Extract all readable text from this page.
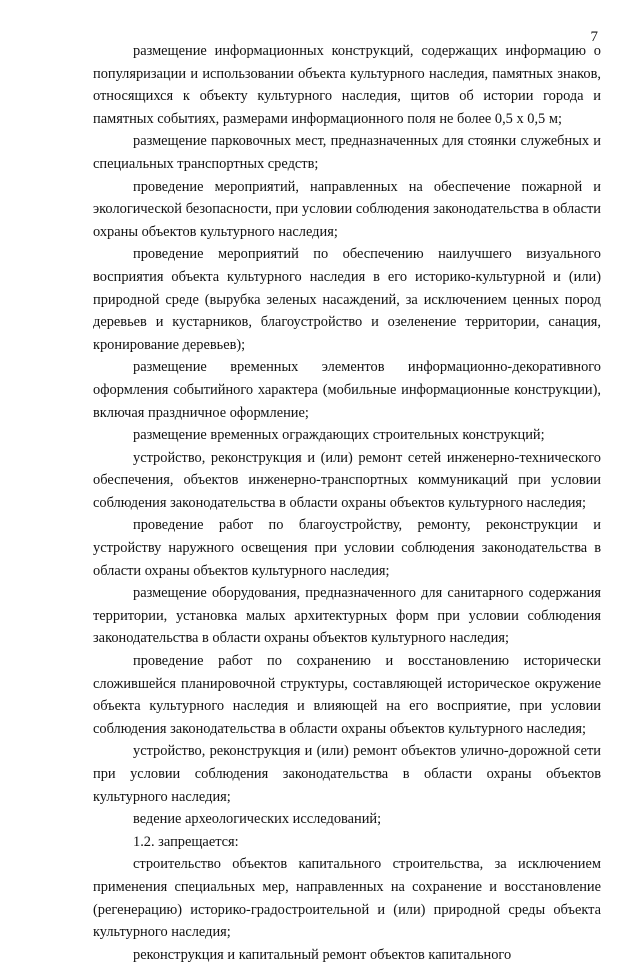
7

размещение информационных конструкций, содержащих информацию о популяризации и использовании объекта культурного наследия, памятных знаков, относящихся к объекту культурного наследия, щитов об истории города и памятных событиях, размерами информационного поля не более 0,5 х 0,5 м;

размещение парковочных мест, предназначенных для стоянки служебных и специальных транспортных средств;

проведение мероприятий, направленных на обеспечение пожарной и экологической безопасности, при условии соблюдения законодательства в области охраны объектов культурного наследия;

проведение мероприятий по обеспечению наилучшего визуального восприятия объекта культурного наследия в его историко-культурной и (или) природной среде (вырубка зеленых насаждений, за исключением ценных пород деревьев и кустарников, благоустройство и озеленение территории, санация, кронирование деревьев);

размещение временных элементов информационно-декоративного оформления событийного характера (мобильные информационные конструкции), включая праздничное оформление;

размещение временных ограждающих строительных конструкций;

устройство, реконструкция и (или) ремонт сетей инженерно-технического обеспечения, объектов инженерно-транспортных коммуникаций при условии соблюдения законодательства в области охраны объектов культурного наследия;

проведение работ по благоустройству, ремонту, реконструкции и устройству наружного освещения при условии соблюдения законодательства в области охраны объектов культурного наследия;

размещение оборудования, предназначенного для санитарного содержания территории, установка малых архитектурных форм при условии соблюдения законодательства в области охраны объектов культурного наследия;

проведение работ по сохранению и восстановлению исторически сложившейся планировочной структуры, составляющей историческое окружение объекта культурного наследия и влияющей на его восприятие, при условии соблюдения законодательства в области охраны объектов культурного наследия;

устройство, реконструкция и (или) ремонт объектов улично-дорожной сети при условии соблюдения законодательства в области охраны объектов культурного наследия;

ведение археологических исследований;

1.2. запрещается:

строительство объектов капитального строительства, за исключением применения специальных мер, направленных на сохранение и восстановление (регенерацию) историко-градостроительной и (или) природной среды объекта культурного наследия;

реконструкция и капитальный ремонт объектов капитального
